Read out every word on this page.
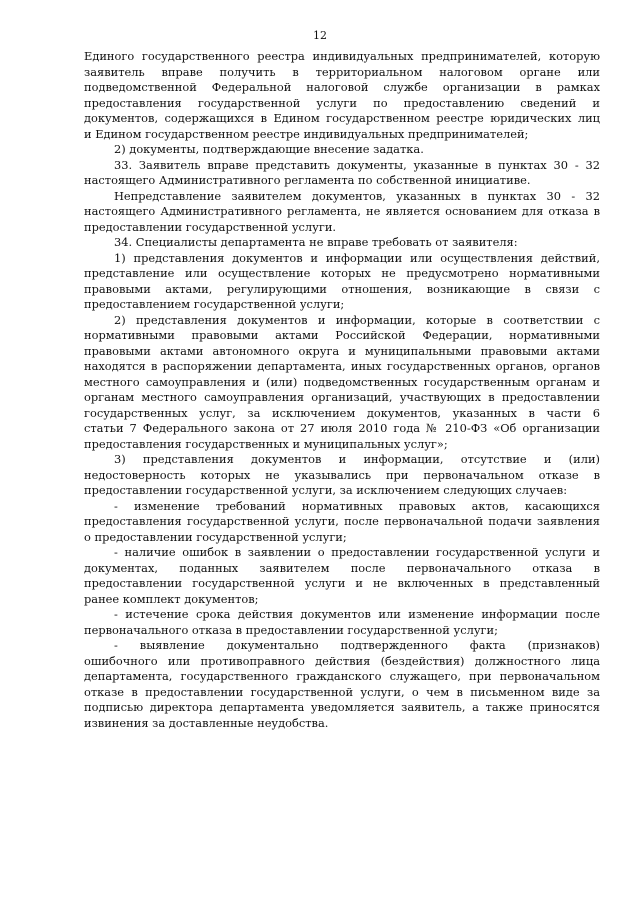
12
Единого государственного реестра индивидуальных предпринимателей, которую
заявитель вправе получить в территориальном налоговом органе или
подведомственной Федеральной налоговой службе организации в рамках
предоставления государственной услуги по предоставлению сведений и
документов, содержащихся в Едином государственном реестре юридических лиц
и Едином государственном реестре индивидуальных предпринимателей;
2) документы, подтверждающие внесение задатка.
33. Заявитель вправе представить документы, указанные в пунктах 30 - 32
настоящего Административного регламента по собственной инициативе.
Непредставление заявителем документов, указанных в пунктах 30 - 32
настоящего Административного регламента, не является основанием для отказа в
предоставлении государственной услуги.
34. Специалисты департамента не вправе требовать от заявителя:
1) представления документов и информации или осуществления действий,
представление или осуществление которых не предусмотрено нормативными
правовыми актами, регулирующими отношения, возникающие в связи с
предоставлением государственной услуги;
2) представления документов и информации, которые в соответствии с
нормативными правовыми актами Российской Федерации, нормативными
правовыми актами автономного округа и муниципальными правовыми актами
находятся в распоряжении департамента, иных государственных органов, органов
местного самоуправления и (или) подведомственных государственным органам и
органам местного самоуправления организаций, участвующих в предоставлении
государственных услуг, за исключением документов, указанных в части 6
статьи 7 Федерального закона от 27 июля 2010 года № 210-ФЗ «Об организации
предоставления государственных и муниципальных услуг»;
3) представления документов и информации, отсутствие и (или)
недостоверность которых не указывались при первоначальном отказе в
предоставлении государственной услуги, за исключением следующих случаев:
- изменение требований нормативных правовых актов, касающихся
предоставления государственной услуги, после первоначальной подачи заявления
о предоставлении государственной услуги;
- наличие ошибок в заявлении о предоставлении государственной услуги и
документах, поданных заявителем после первоначального отказа в
предоставлении государственной услуги и не включенных в представленный
ранее комплект документов;
- истечение срока действия документов или изменение информации после
первоначального отказа в предоставлении государственной услуги;
- выявление документально подтвержденного факта (признаков)
ошибочного или противоправного действия (бездействия) должностного лица
департамента, государственного гражданского служащего, при первоначальном
отказе в предоставлении государственной услуги, о чем в письменном виде за
подписью директора департамента уведомляется заявитель, а также приносятся
извинения за доставленные неудобства.
